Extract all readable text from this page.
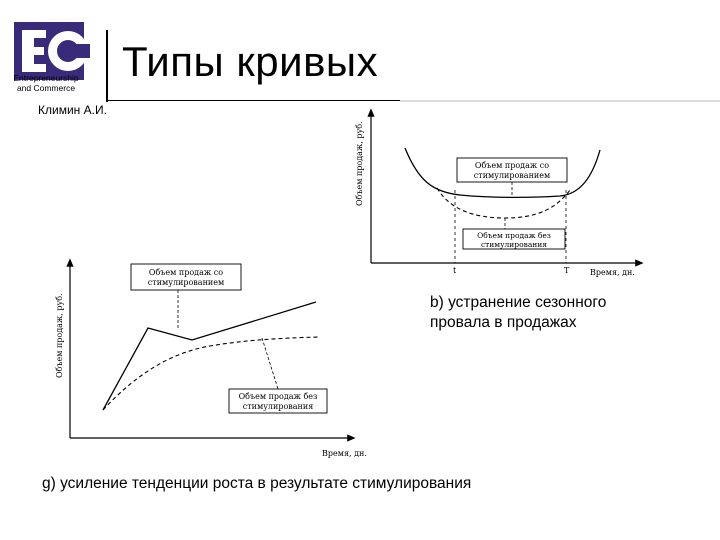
Entrepreneurship
and Commerce
Типы кривых
Климин А.И.
Объем продаж, руб.
Время, дн.
t	T
Объем продаж со
стимулированием
Объем продаж без
стимулирования
Объем продаж, руб.
Время, дн.
Объем продаж со
стимулированием
Объем продаж без
стимулирования
b) устранение сезонного
провала в продажах
g) усиление тенденции роста в результате стимулирования
